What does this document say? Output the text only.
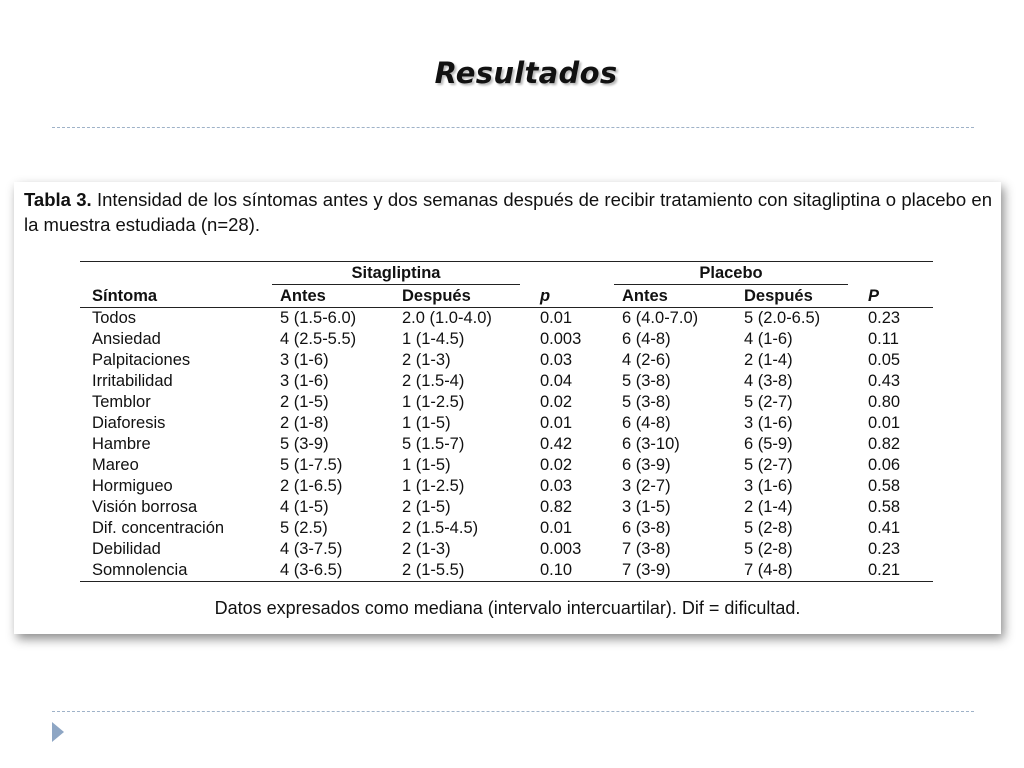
Resultados
Tabla 3. Intensidad de los síntomas antes y dos semanas después de recibir tratamiento con sitagliptina o placebo en la muestra estudiada (n=28).

	Sitagliptina			Placebo		

Síntoma	Antes	Después	p	Antes	Después	P
Todos	5 (1.5-6.0)	2.0 (1.0-4.0)	0.01	6 (4.0-7.0)	5 (2.0-6.5)	0.23
Ansiedad	4 (2.5-5.5)	1 (1-4.5)	0.003	6 (4-8)	4 (1-6)	0.11
Palpitaciones	3 (1-6)	2 (1-3)	0.03	4 (2-6)	2 (1-4)	0.05
Irritabilidad	3 (1-6)	2 (1.5-4)	0.04	5 (3-8)	4 (3-8)	0.43
Temblor	2 (1-5)	1 (1-2.5)	0.02	5 (3-8)	5 (2-7)	0.80
Diaforesis	2 (1-8)	1 (1-5)	0.01	6 (4-8)	3 (1-6)	0.01
Hambre	5 (3-9)	5 (1.5-7)	0.42	6 (3-10)	6 (5-9)	0.82
Mareo	5 (1-7.5)	1 (1-5)	0.02	6 (3-9)	5 (2-7)	0.06
Hormigueo	2 (1-6.5)	1 (1-2.5)	0.03	3 (2-7)	3 (1-6)	0.58
Visión borrosa	4 (1-5)	2 (1-5)	0.82	3 (1-5)	2 (1-4)	0.58
Dif. concentración	5 (2.5)	2 (1.5-4.5)	0.01	6 (3-8)	5 (2-8)	0.41
Debilidad	4 (3-7.5)	2 (1-3)	0.003	7 (3-8)	5 (2-8)	0.23
Somnolencia	4 (3-6.5)	2 (1-5.5)	0.10	7 (3-9)	7 (4-8)	0.21
Datos expresados como mediana (intervalo intercuartilar). Dif = dificultad.
